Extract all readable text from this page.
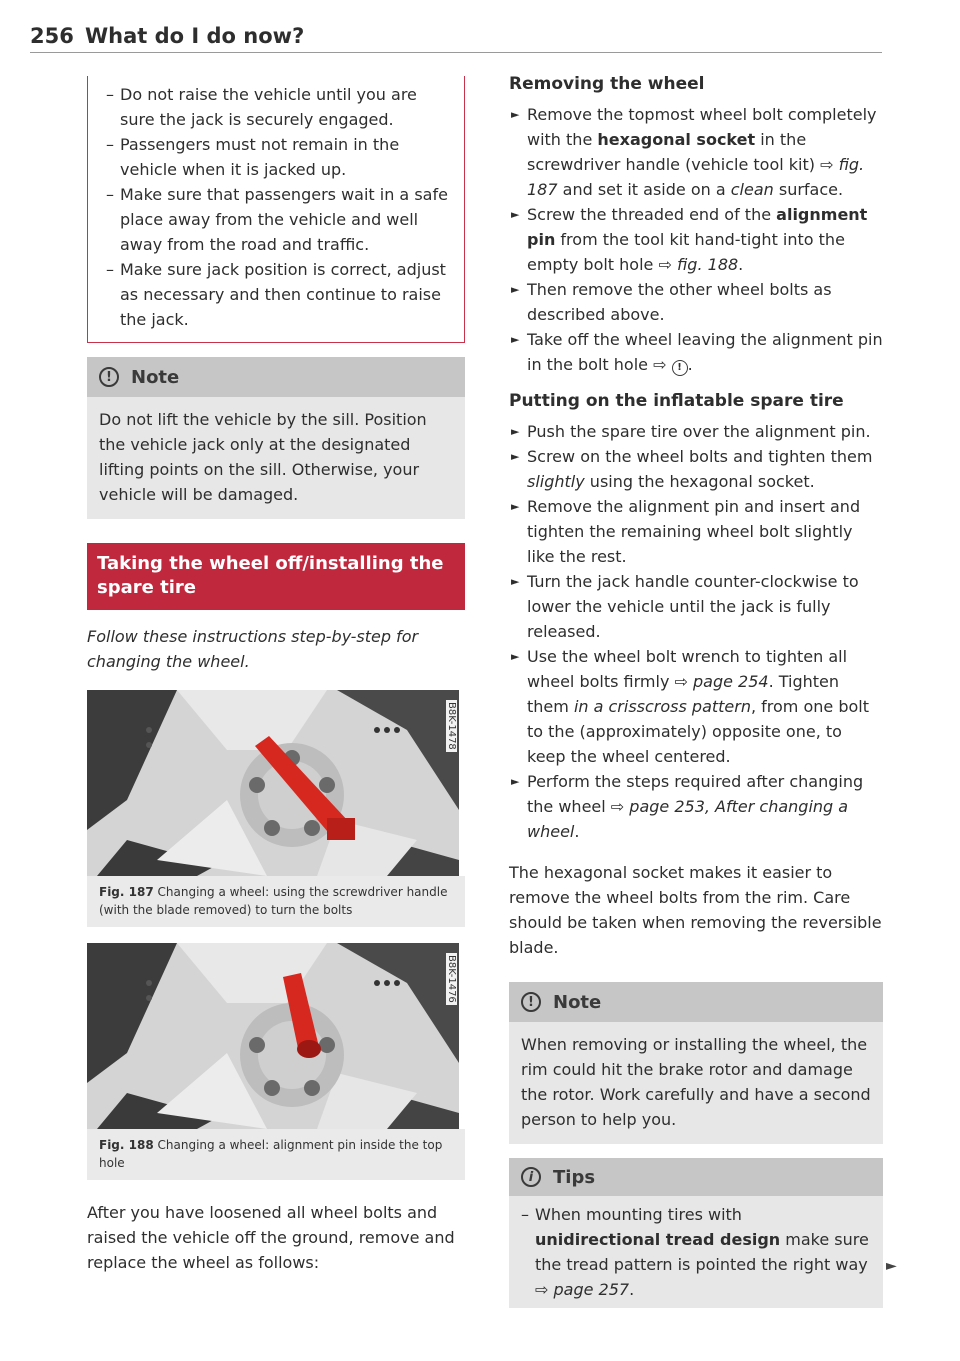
256 What do I do now?

– Do not raise the vehicle until you are sure the jack is securely engaged.

– Passengers must not remain in the vehicle when it is jacked up.

– Make sure that passengers wait in a safe place away from the vehicle and well away from the road and traffic.

– Make sure jack position is correct, adjust as necessary and then continue to raise the jack.

!	Note
Do not lift the vehicle by the sill. Position the vehicle jack only at the designated lifting points on the sill. Otherwise, your vehicle will be damaged.
Taking the wheel off/installing the spare tire

Follow these instructions step-by-step for changing the wheel.

B8K-1478
Fig. 187 Changing a wheel: using the screwdriver handle (with the blade removed) to turn the bolts
B8K-1476
Fig. 188 Changing a wheel: alignment pin inside the top hole

After you have loosened all wheel bolts and raised the vehicle off the ground, remove and replace the wheel as follows:

Removing the wheel

► Remove the topmost wheel bolt completely with the hexagonal socket in the screwdriver handle (vehicle tool kit) ⇨ fig. 187 and set it aside on a clean surface.

► Screw the threaded end of the alignment pin from the tool kit hand-tight into the empty bolt hole ⇨ fig. 188.

► Then remove the other wheel bolts as described above.

► Take off the wheel leaving the alignment pin in the bolt hole ⇨ ! .

Putting on the inflatable spare tire

► Push the spare tire over the alignment pin.

► Screw on the wheel bolts and tighten them slightly using the hexagonal socket.

► Remove the alignment pin and insert and tighten the remaining wheel bolt slightly like the rest.

► Turn the jack handle counter-clockwise to lower the vehicle until the jack is fully released.

► Use the wheel bolt wrench to tighten all wheel bolts firmly ⇨ page 254. Tighten them in a crisscross pattern, from one bolt to the (approximately) opposite one, to keep the wheel centered.

► Perform the steps required after changing the wheel ⇨ page 253, After changing a wheel.

The hexagonal socket makes it easier to remove the wheel bolts from the rim. Care should be taken when removing the reversible blade.

!	Note
When removing or installing the wheel, the rim could hit the brake rotor and damage the rotor. Work carefully and have a second person to help you.
i	Tips
– When mounting tires with unidirectional tread design make sure the tread pattern is pointed the right way
⇨ page 257.
►
